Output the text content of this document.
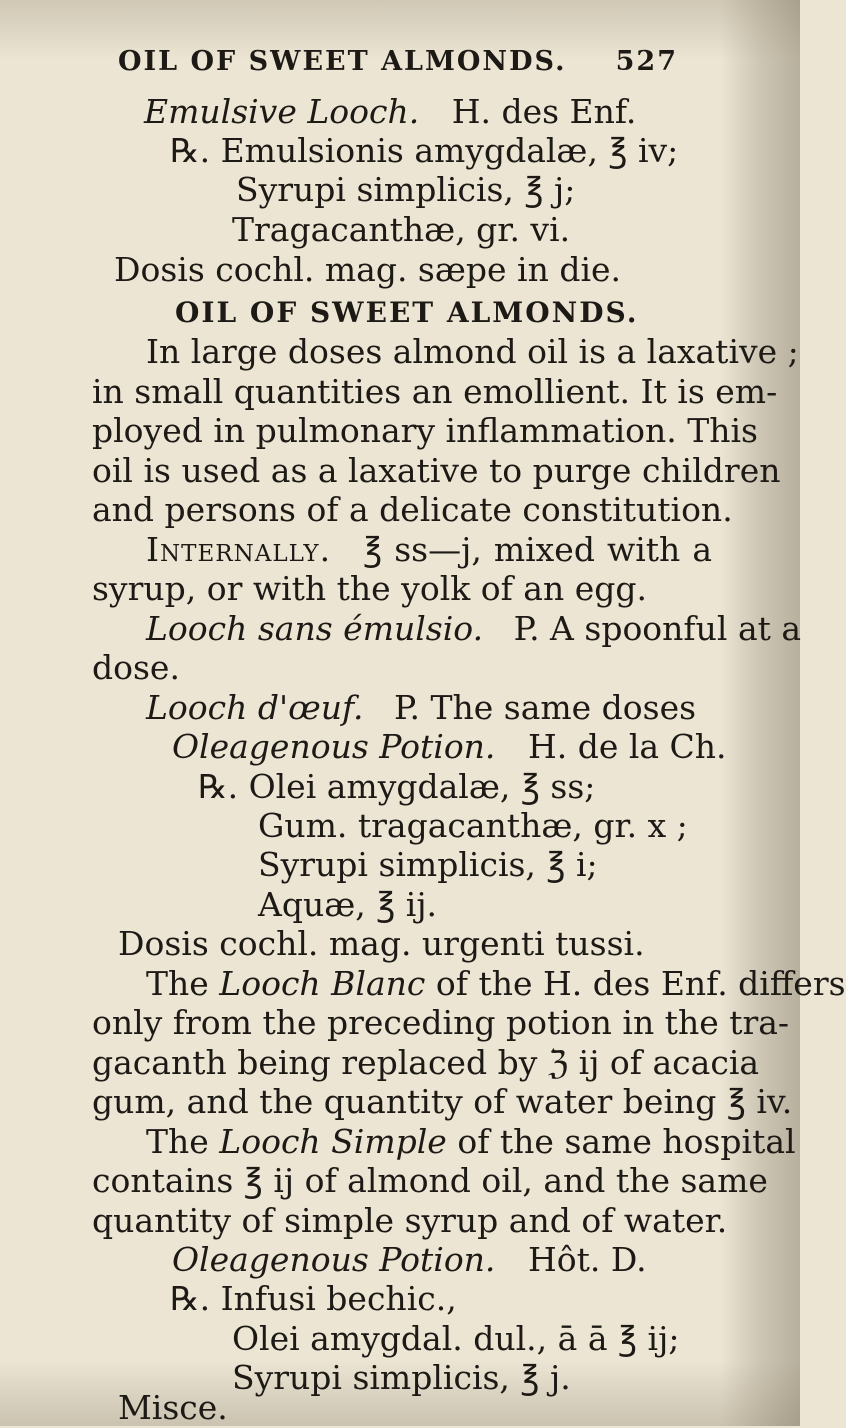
OIL OF SWEET ALMONDS. 527
Emulsive Looch. H. des Enf.
℞. Emulsionis amygdalæ, ℥ iv;
Syrupi simplicis, ℥ j;
Tragacanthæ, gr. vi.
Dosis cochl. mag. sæpe in die.
OIL OF SWEET ALMONDS.
In large doses almond oil is a laxative ;
in small quantities an emollient. It is em-
ployed in pulmonary inflammation. This
oil is used as a laxative to purge children
and persons of a delicate constitution.
Internally. ℥ ss—j, mixed with a
syrup, or with the yolk of an egg.
Looch sans émulsio. P. A spoonful at a
dose.
Looch d'œuf. P. The same doses
Oleagenous Potion. H. de la Ch.
℞. Olei amygdalæ, ℥ ss;
Gum. tragacanthæ, gr. x ;
Syrupi simplicis, ℥ i;
Aquæ, ℥ ij.
Dosis cochl. mag. urgenti tussi.
The Looch Blanc of the H. des Enf. differs
only from the preceding potion in the tra-
gacanth being replaced by ℨ ij of acacia
gum, and the quantity of water being ℥ iv.
The Looch Simple of the same hospital
contains ℥ ij of almond oil, and the same
quantity of simple syrup and of water.
Oleagenous Potion. Hôt. D.
℞. Infusi bechic.,
Olei amygdal. dul., ā ā ℥ ij;
Syrupi simplicis, ℥ j.
Misce.
